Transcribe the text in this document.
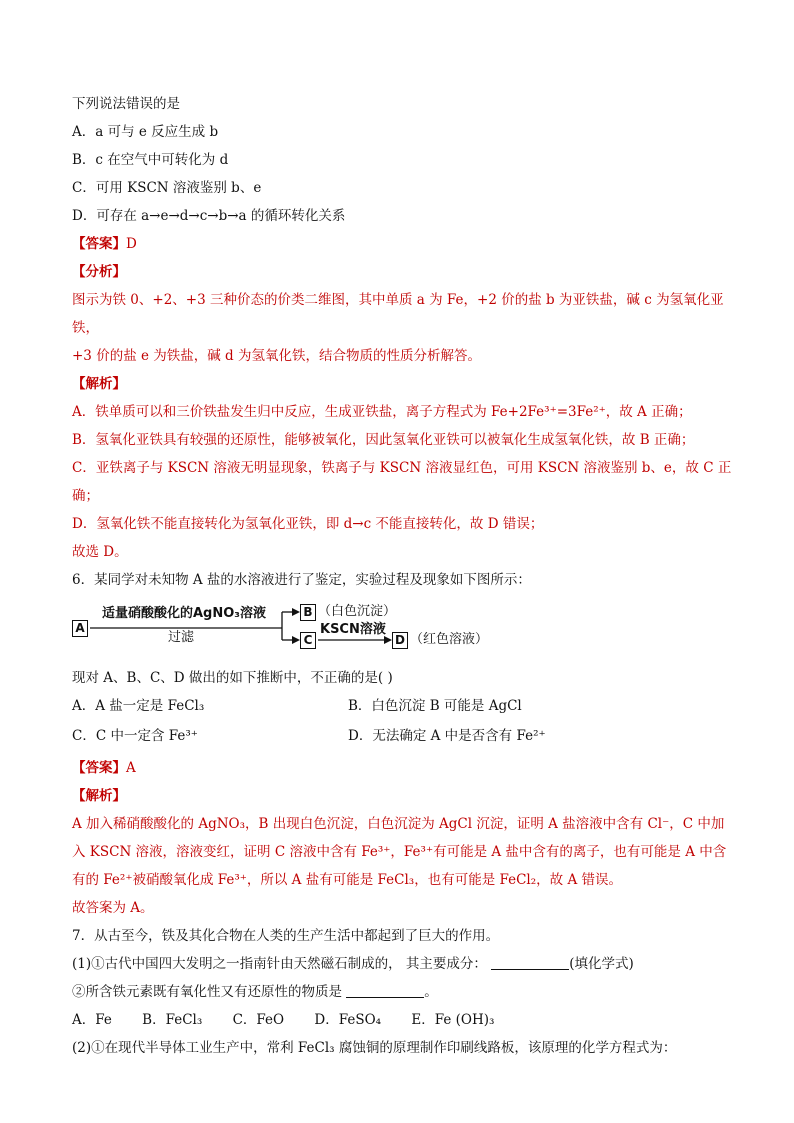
下列说法错误的是

A．a 可与 e 反应生成 b

B．c 在空气中可转化为 d

C．可用 KSCN 溶液鉴别 b、e

D．可存在 a→e→d→c→b→a 的循环转化关系

【答案】D

【分析】

图示为铁 0、+2、+3 三种价态的价类二维图，其中单质 a 为 Fe，+2 价的盐 b 为亚铁盐，碱 c 为氢氧化亚铁，

+3 价的盐 e 为铁盐，碱 d 为氢氧化铁，结合物质的性质分析解答。

【解析】

A．铁单质可以和三价铁盐发生归中反应，生成亚铁盐，离子方程式为 Fe+2Fe³⁺=3Fe²⁺，故 A 正确；

B．氢氧化亚铁具有较强的还原性，能够被氧化，因此氢氧化亚铁可以被氧化生成氢氧化铁，故 B 正确；

C．亚铁离子与 KSCN 溶液无明显现象，铁离子与 KSCN 溶液显红色，可用 KSCN 溶液鉴别 b、e，故 C 正

确；

D．氢氧化铁不能直接转化为氢氧化亚铁，即 d→c 不能直接转化，故 D 错误；

故选 D。

6．某同学对未知物 A 盐的水溶液进行了鉴定，实验过程及现象如下图所示：

A
适量硝酸酸化的AgNO₃溶液
过滤
B （白色沉淀）
C
KSCN溶液
D （红色溶液）

现对 A、B、C、D 做出的如下推断中，不正确的是( )

A．A 盐一定是 FeCl₃	B．白色沉淀 B 可能是 AgCl

C．C 中一定含 Fe³⁺	D．无法确定 A 中是否含有 Fe²⁺

【答案】A

【解析】

A 加入稀硝酸酸化的 AgNO₃，B 出现白色沉淀，白色沉淀为 AgCl 沉淀，证明 A 盐溶液中含有 Cl⁻，C 中加

入 KSCN 溶液，溶液变红，证明 C 溶液中含有 Fe³⁺，Fe³⁺有可能是 A 盐中含有的离子，也有可能是 A 中含

有的 Fe²⁺被硝酸氧化成 Fe³⁺，所以 A 盐有可能是 FeCl₃，也有可能是 FeCl₂，故 A 错误。

故答案为 A。

7．从古至今，铁及其化合物在人类的生产生活中都起到了巨大的作用。

(1)①古代中国四大发明之一指南针由天然磁石制成的， 其主要成分：	(填化学式)

②所含铁元素既有氧化性又有还原性的物质是	。

A．Fe B．FeCl₃ C．FeO D．FeSO₄ E．Fe (OH)₃

(2)①在现代半导体工业生产中，常利 FeCl₃ 腐蚀铜的原理制作印刷线路板，该原理的化学方程式为：
